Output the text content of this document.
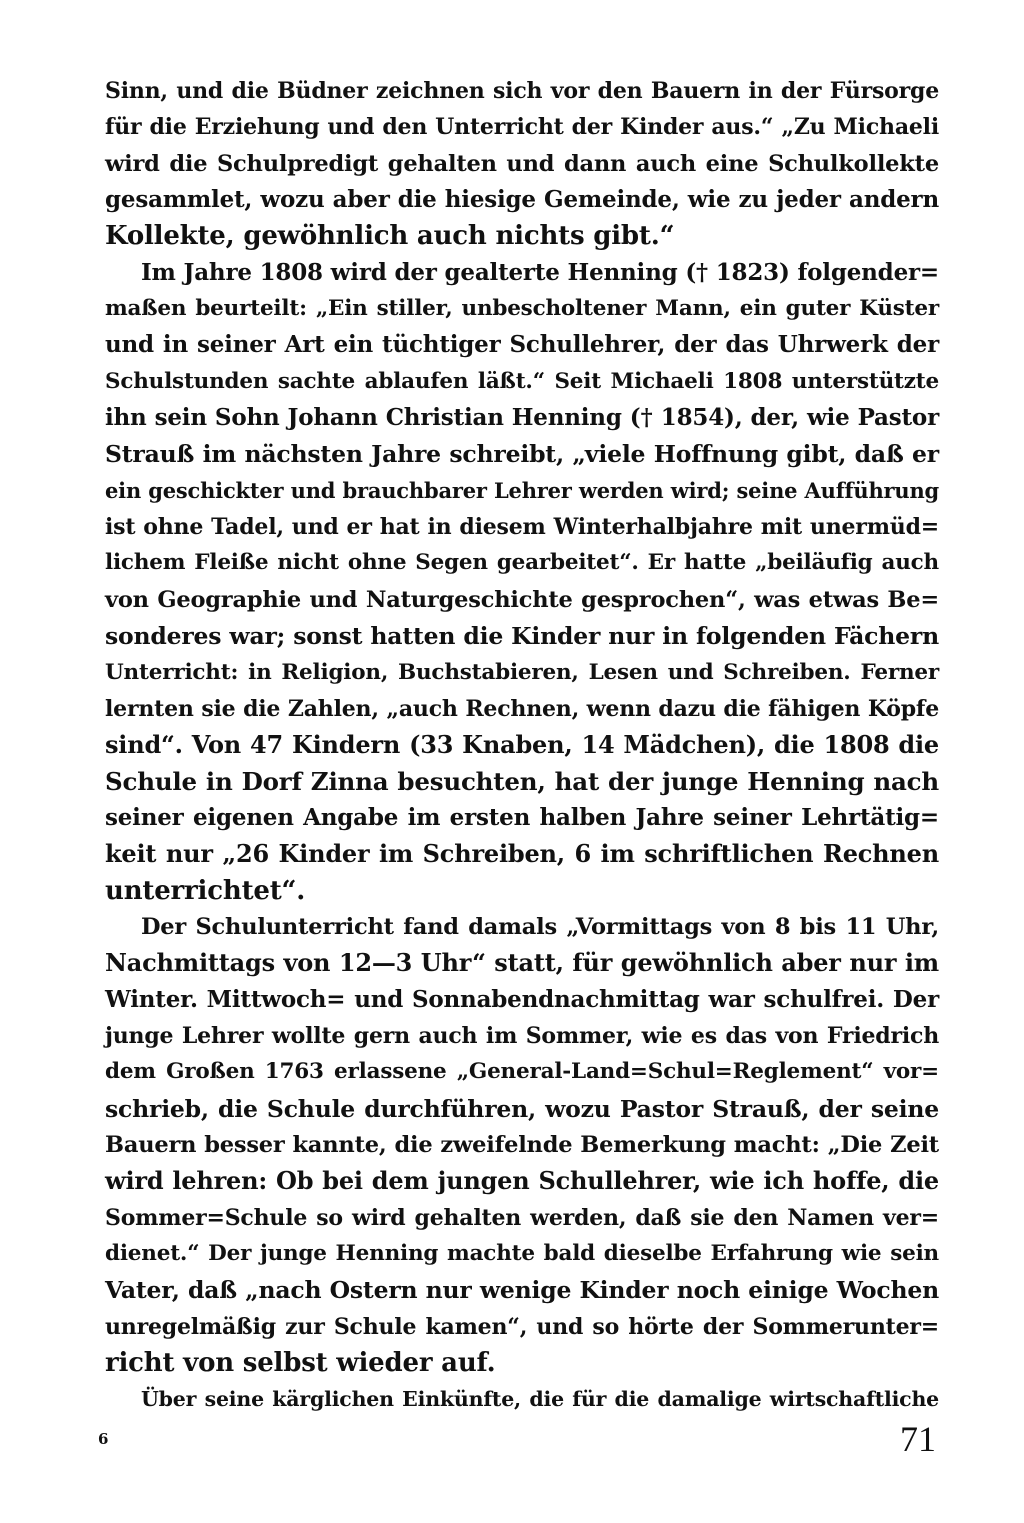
Sinn, und die Büdner zeichnen sich vor den Bauern in der Fürsorge
für die Erziehung und den Unterricht der Kinder aus.“ „Zu Michaeli
wird die Schulpredigt gehalten und dann auch eine Schulkollekte
gesammlet, wozu aber die hiesige Gemeinde, wie zu jeder andern
Kollekte, gewöhnlich auch nichts gibt.“
Im Jahre 1808 wird der gealterte Henning († 1823) folgender=
maßen beurteilt: „Ein stiller, unbescholtener Mann, ein guter Küster
und in seiner Art ein tüchtiger Schullehrer, der das Uhrwerk der
Schulstunden sachte ablaufen läßt.“ Seit Michaeli 1808 unterstützte
ihn sein Sohn Johann Christian Henning († 1854), der, wie Pastor
Strauß im nächsten Jahre schreibt, „viele Hoffnung gibt, daß er
ein geschickter und brauchbarer Lehrer werden wird; seine Aufführung
ist ohne Tadel, und er hat in diesem Winterhalbjahre mit unermüd=
lichem Fleiße nicht ohne Segen gearbeitet“. Er hatte „beiläufig auch
von Geographie und Naturgeschichte gesprochen“, was etwas Be=
sonderes war; sonst hatten die Kinder nur in folgenden Fächern
Unterricht: in Religion, Buchstabieren, Lesen und Schreiben. Ferner
lernten sie die Zahlen, „auch Rechnen, wenn dazu die fähigen Köpfe
sind“. Von 47 Kindern (33 Knaben, 14 Mädchen), die 1808 die
Schule in Dorf Zinna besuchten, hat der junge Henning nach
seiner eigenen Angabe im ersten halben Jahre seiner Lehrtätig=
keit nur „26 Kinder im Schreiben, 6 im schriftlichen Rechnen
unterrichtet“.
Der Schulunterricht fand damals „Vormittags von 8 bis 11 Uhr,
Nachmittags von 12—3 Uhr“ statt, für gewöhnlich aber nur im
Winter. Mittwoch= und Sonnabendnachmittag war schulfrei. Der
junge Lehrer wollte gern auch im Sommer, wie es das von Friedrich
dem Großen 1763 erlassene „General-Land=Schul=Reglement“ vor=
schrieb, die Schule durchführen, wozu Pastor Strauß, der seine
Bauern besser kannte, die zweifelnde Bemerkung macht: „Die Zeit
wird lehren: Ob bei dem jungen Schullehrer, wie ich hoffe, die
Sommer=Schule so wird gehalten werden, daß sie den Namen ver=
dienet.“ Der junge Henning machte bald dieselbe Erfahrung wie sein
Vater, daß „nach Ostern nur wenige Kinder noch einige Wochen
unregelmäßig zur Schule kamen“, und so hörte der Sommerunter=
richt von selbst wieder auf.
Über seine kärglichen Einkünfte, die für die damalige wirtschaftliche
6	71
